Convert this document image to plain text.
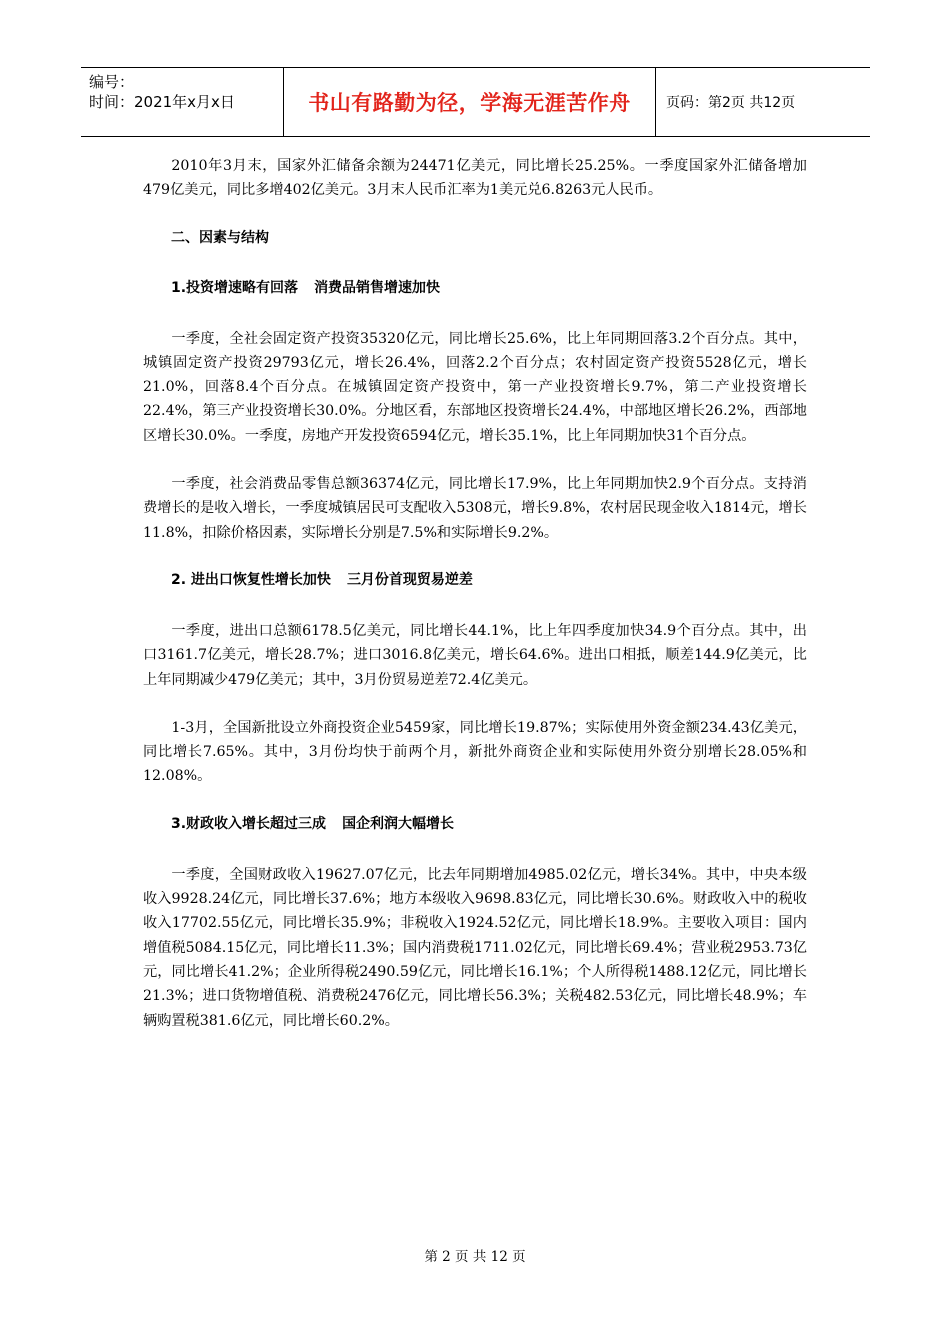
编号：
时间：2021年x月x日	书山有路勤为径，学海无涯苦作舟	页码：第2页 共12页

2010年3月末，国家外汇储备余额为24471亿美元，同比增长25.25%。一季度国家外汇储备增加479亿美元，同比多增402亿美元。3月末人民币汇率为1美元兑6.8263元人民币。

二、因素与结构
1.投资增速略有回落 消费品销售增速加快

一季度，全社会固定资产投资35320亿元，同比增长25.6%，比上年同期回落3.2个百分点。其中，城镇固定资产投资29793亿元，增长26.4%，回落2.2个百分点；农村固定资产投资5528亿元，增长21.0%，回落8.4个百分点。在城镇固定资产投资中，第一产业投资增长9.7%，第二产业投资增长22.4%，第三产业投资增长30.0%。分地区看，东部地区投资增长24.4%，中部地区增长26.2%，西部地区增长30.0%。一季度，房地产开发投资6594亿元，增长35.1%，比上年同期加快31个百分点。

一季度，社会消费品零售总额36374亿元，同比增长17.9%，比上年同期加快2.9个百分点。支持消费增长的是收入增长，一季度城镇居民可支配收入5308元，增长9.8%，农村居民现金收入1814元，增长11.8%，扣除价格因素，实际增长分别是7.5%和实际增长9.2%。

2. 进出口恢复性增长加快 三月份首现贸易逆差

一季度，进出口总额6178.5亿美元，同比增长44.1%，比上年四季度加快34.9个百分点。其中，出口3161.7亿美元，增长28.7%；进口3016.8亿美元，增长64.6%。进出口相抵，顺差144.9亿美元，比上年同期减少479亿美元；其中，3月份贸易逆差72.4亿美元。

1-3月，全国新批设立外商投资企业5459家，同比增长19.87%；实际使用外资金额234.43亿美元，同比增长7.65%。其中，3月份均快于前两个月，新批外商资企业和实际使用外资分别增长28.05%和12.08%。

3.财政收入增长超过三成 国企利润大幅增长

一季度，全国财政收入19627.07亿元，比去年同期增加4985.02亿元，增长34%。其中，中央本级收入9928.24亿元，同比增长37.6%；地方本级收入9698.83亿元，同比增长30.6%。财政收入中的税收收入17702.55亿元，同比增长35.9%；非税收入1924.52亿元，同比增长18.9%。主要收入项目：国内增值税5084.15亿元，同比增长11.3%；国内消费税1711.02亿元，同比增长69.4%；营业税2953.73亿元，同比增长41.2%；企业所得税2490.59亿元，同比增长16.1%；个人所得税1488.12亿元，同比增长21.3%；进口货物增值税、消费税2476亿元，同比增长56.3%；关税482.53亿元，同比增长48.9%；车辆购置税381.6亿元，同比增长60.2%。

第 2 页 共 12 页
